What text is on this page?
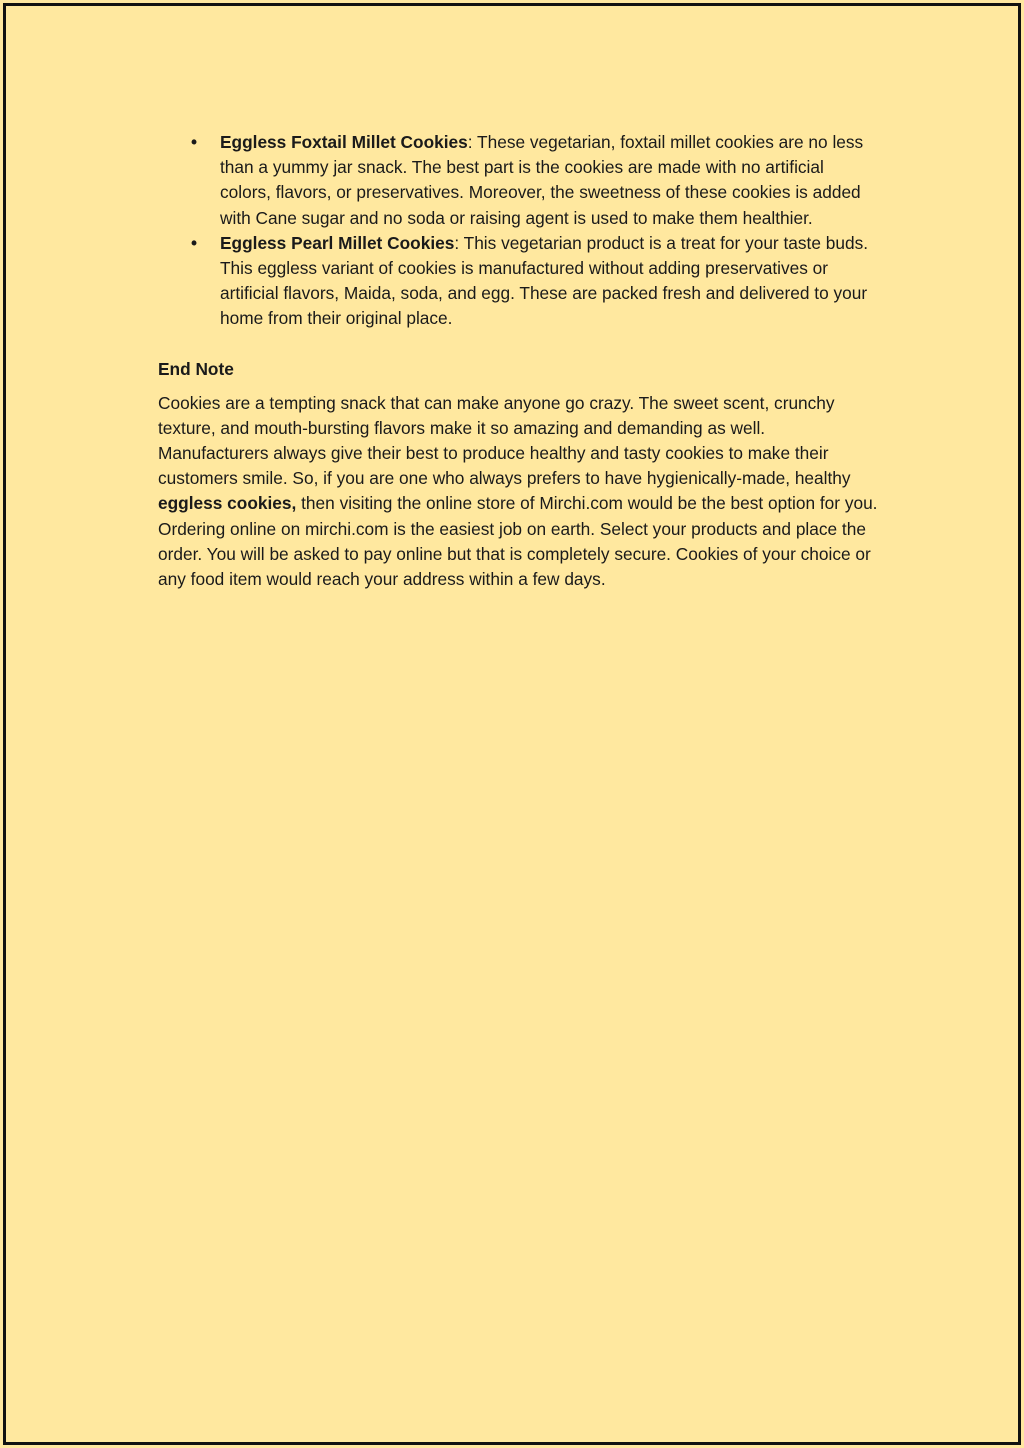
• Eggless Foxtail Millet Cookies: These vegetarian, foxtail millet cookies are no less than a yummy jar snack. The best part is the cookies are made with no artificial colors, flavors, or preservatives. Moreover, the sweetness of these cookies is added with Cane sugar and no soda or raising agent is used to make them healthier.
• Eggless Pearl Millet Cookies: This vegetarian product is a treat for your taste buds. This eggless variant of cookies is manufactured without adding preservatives or artificial flavors, Maida, soda, and egg. These are packed fresh and delivered to your home from their original place.
End Note
Cookies are a tempting snack that can make anyone go crazy. The sweet scent, crunchy texture, and mouth-bursting flavors make it so amazing and demanding as well. Manufacturers always give their best to produce healthy and tasty cookies to make their customers smile. So, if you are one who always prefers to have hygienically-made, healthy eggless cookies, then visiting the online store of Mirchi.com would be the best option for you. Ordering online on mirchi.com is the easiest job on earth. Select your products and place the order. You will be asked to pay online but that is completely secure. Cookies of your choice or any food item would reach your address within a few days.
